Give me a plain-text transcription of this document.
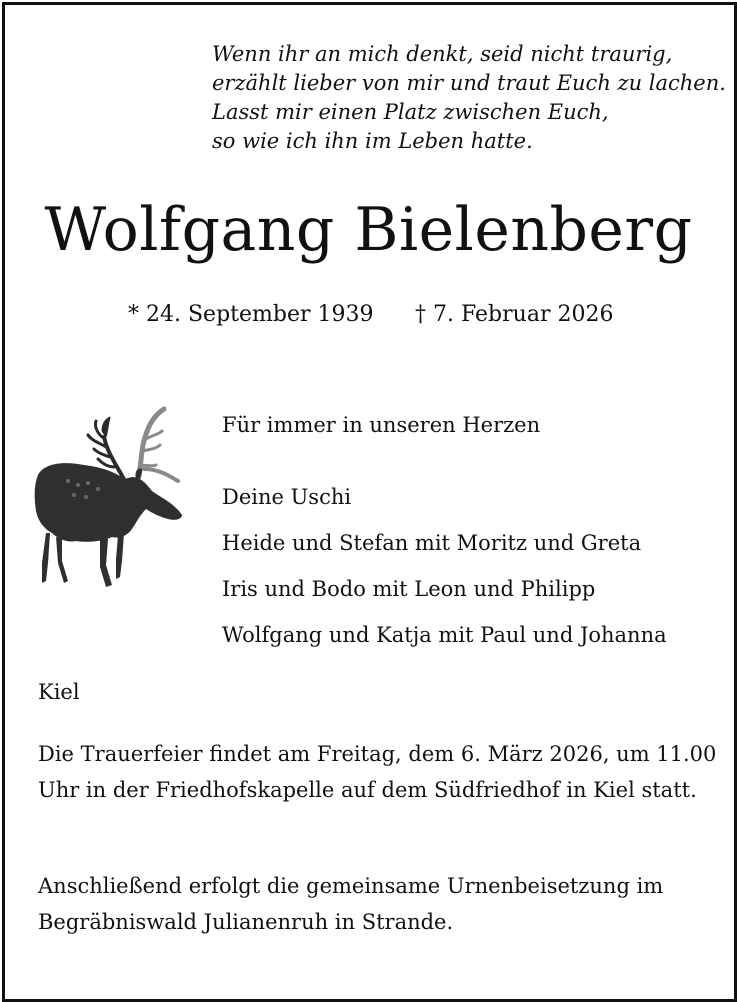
Wenn ihr an mich denkt, seid nicht traurig,
erzählt lieber von mir und traut Euch zu lachen.
Lasst mir einen Platz zwischen Euch,
so wie ich ihn im Leben hatte.
Wolfgang Bielenberg
* 24. September 1939 † 7. Februar 2026
Für immer in unseren Herzen
Deine Uschi
Heide und Stefan mit Moritz und Greta
Iris und Bodo mit Leon und Philipp
Wolfgang und Katja mit Paul und Johanna
Kiel
Die Trauerfeier findet am Freitag, dem 6. März 2026, um 11.00 Uhr in der Friedhofskapelle auf dem Südfriedhof in Kiel statt.
Anschließend erfolgt die gemeinsame Urnenbeisetzung im Begräbniswald Julianenruh in Strande.
